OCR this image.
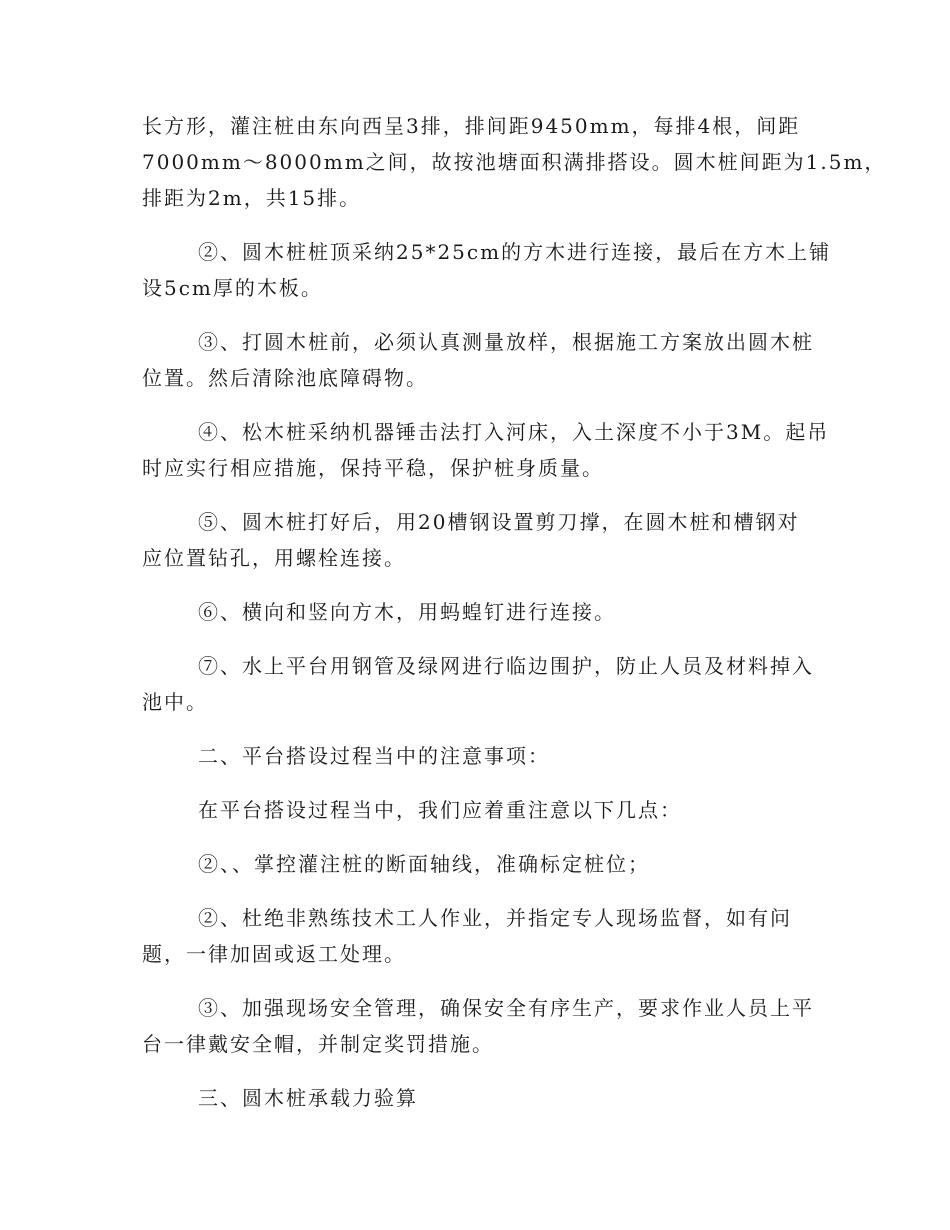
长方形，灌注桩由东向西呈3排，排间距9450mm，每排4根，间距
7000mm～8000mm之间，故按池塘面积满排搭设。圆木桩间距为1.5m，
排距为2m，共15排。

②、圆木桩桩顶采纳25*25cm的方木进行连接，最后在方木上铺
设5cm厚的木板。

③、打圆木桩前，必须认真测量放样，根据施工方案放出圆木桩
位置。然后清除池底障碍物。

④、松木桩采纳机器锤击法打入河床，入土深度不小于3M。起吊
时应实行相应措施，保持平稳，保护桩身质量。

⑤、圆木桩打好后，用20槽钢设置剪刀撑，在圆木桩和槽钢对
应位置钻孔，用螺栓连接。

⑥、横向和竖向方木，用蚂蝗钉进行连接。

⑦、水上平台用钢管及绿网进行临边围护，防止人员及材料掉入
池中。

二、平台搭设过程当中的注意事项：

在平台搭设过程当中，我们应着重注意以下几点：

②、、掌控灌注桩的断面轴线，准确标定桩位；

②、杜绝非熟练技术工人作业，并指定专人现场监督，如有问
题，一律加固或返工处理。

③、加强现场安全管理，确保安全有序生产，要求作业人员上平
台一律戴安全帽，并制定奖罚措施。

三、圆木桩承载力验算
